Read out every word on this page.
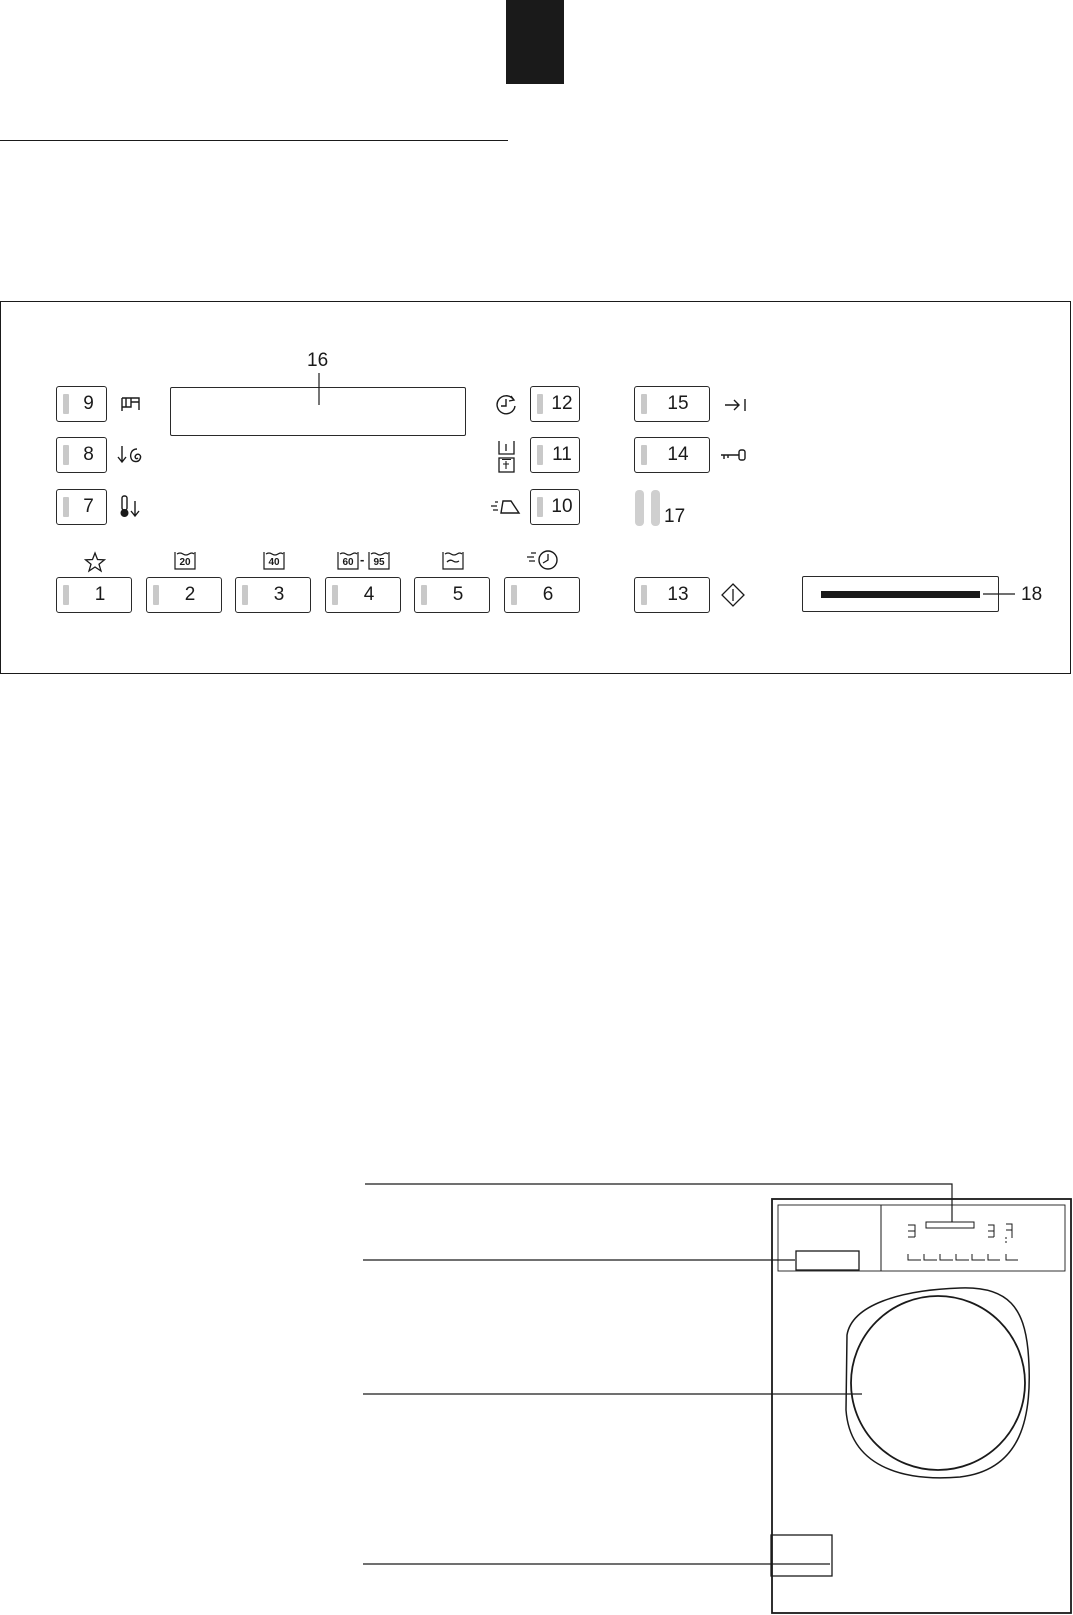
16
9
8
7
12
11
10
15
14
17
20	40	60 - 95
1	2	3	4	5	6	13	18
